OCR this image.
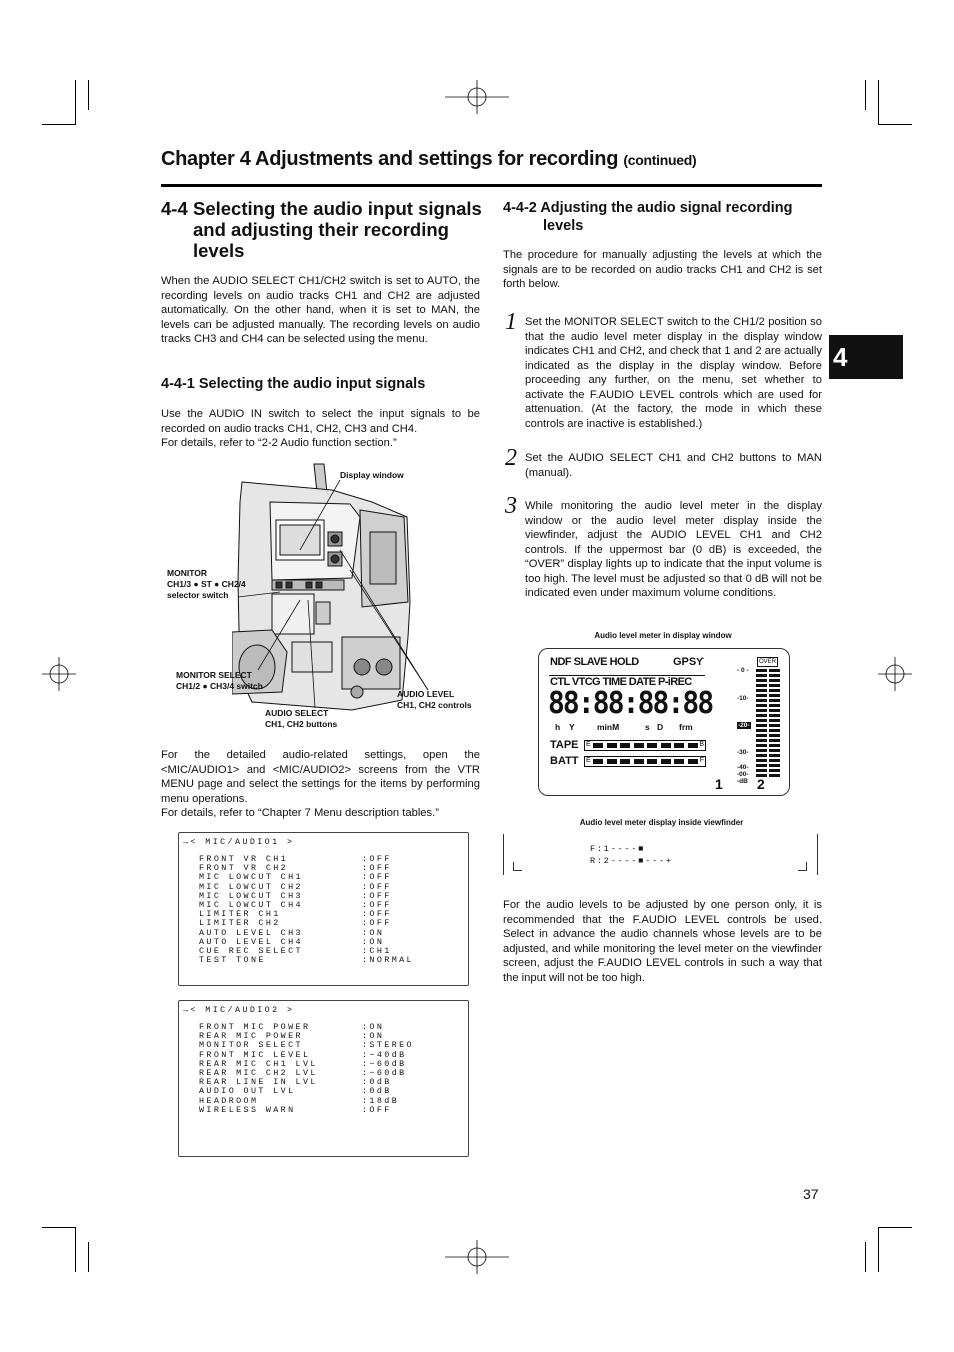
Chapter 4 Adjustments and settings for recording (continued)
4
4-4 Selecting the audio input signals
and adjusting their recording
levels
When the AUDIO SELECT CH1/CH2 switch is set to AUTO, the recording levels on audio tracks CH1 and CH2 are adjusted automatically. On the other hand, when it is set to MAN, the levels can be adjusted manually. The recording levels on audio tracks CH3 and CH4 can be selected using the menu.
4-4-1 Selecting the audio input signals
Use the AUDIO IN switch to select the input signals to be recorded on audio tracks CH1, CH2, CH3 and CH4.
For details, refer to “2-2 Audio function section.”
Display window
MONITOR
CH1/3 ● ST ● CH2/4
selector switch
MONITOR SELECT
CH1/2 ● CH3/4 switch
AUDIO SELECT
CH1, CH2 buttons
AUDIO LEVEL
CH1, CH2 controls
For the detailed audio-related settings, open the <MIC/AUDIO1> and <MIC/AUDIO2> screens from the VTR MENU page and select the settings for the items by performing menu operations.
For details, refer to “Chapter 7 Menu description tables.”
→< MIC/AUDIO1 >
FRONT VR CH1	:OFF
FRONT VR CH2	:OFF
MIC LOWCUT CH1	:OFF
MIC LOWCUT CH2	:OFF
MIC LOWCUT CH3	:OFF
MIC LOWCUT CH4	:OFF
LIMITER CH1	:OFF
LIMITER CH2	:OFF
AUTO LEVEL CH3	:ON
AUTO LEVEL CH4	:ON
CUE REC SELECT	:CH1
TEST TONE	:NORMAL
→< MIC/AUDIO2 >
FRONT MIC POWER	:ON
REAR MIC POWER	:ON
MONITOR SELECT	:STEREO
FRONT MIC LEVEL	:−40dB
REAR MIC CH1 LVL	:−60dB
REAR MIC CH2 LVL	:−60dB
REAR LINE IN LVL	:0dB
AUDIO OUT LVL	:0dB
HEADROOM	:18dB
WIRELESS WARN	:OFF
4-4-2 Adjusting the audio signal recording
levels
The procedure for manually adjusting the levels at which the signals are to be recorded on audio tracks CH1 and CH2 is set forth below.
1 Set the MONITOR SELECT switch to the CH1/2 position so that the audio level meter display in the display window indicates CH1 and CH2, and check that 1 and 2 are actually indicated as the display in the display window. Before proceeding any further, on the menu, set whether to activate the F.AUDIO LEVEL controls which are used for attenuation. (At the factory, the mode in which these controls are inactive is established.)
2 Set the AUDIO SELECT CH1 and CH2 buttons to MAN (manual).
3 While monitoring the audio level meter in the display window or the audio level meter display inside the viewfinder, adjust the AUDIO LEVEL CH1 and CH2 controls. If the uppermost bar (0 dB) is exceeded, the “OVER” display lights up to indicate that the input volume is too high. The level must be adjusted so that 0 dB will not be indicated even under maximum volume conditions.
Audio level meter in display window
NDF SLAVE HOLD	GPSϒ
CTL VTCG TIME DATE P-iREC
88:88:88:88
h Y	minM	s D frm
TAPE
BATT
E	B
E	F
OVER
- 0 -
-10-
-20-
-30-
-40-
-00-
-dB
1 2
Audio level meter display inside viewfinder
F:1----■
R:2----■---+
For the audio levels to be adjusted by one person only, it is recommended that the F.AUDIO LEVEL controls be used. Select in advance the audio channels whose levels are to be adjusted, and while monitoring the level meter on the viewfinder screen, adjust the F.AUDIO LEVEL controls in such a way that the input will not be too high.
37
